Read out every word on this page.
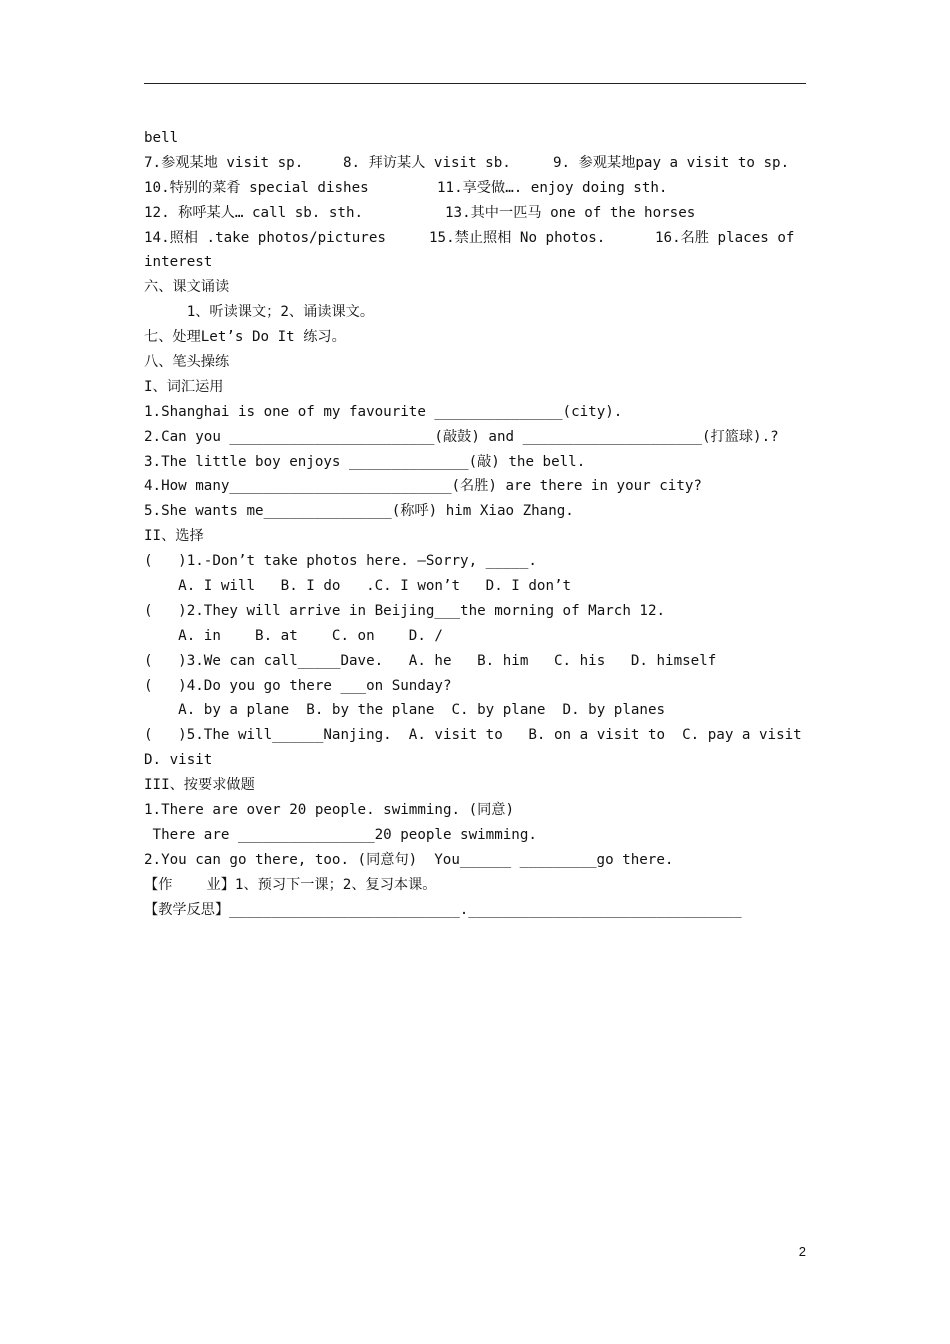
bell
7.参观某地 visit sp.	8. 拜访某人 visit sb.	9. 参观某地pay a visit to sp.
10.特别的菜肴 special dishes	11.享受做…. enjoy doing sth.
12. 称呼某人… call sb. sth.	13.其中一匹马 one of the horses
14.照相 .take photos/pictures	15.禁止照相 No photos.	16.名胜 places of
interest
六、课文诵读
1、听读课文；2、诵读课文。
七、处理Let’s Do It 练习。
八、笔头操练
I、词汇运用
1.Shanghai is one of my favourite _______________(city).
2.Can you ________________________(敲鼓) and _____________________(打篮球).?
3.The little boy enjoys ______________(敲) the bell.
4.How many__________________________(名胜) are there in your city?
5.She wants me_______________(称呼) him Xiao Zhang.
II、选择
(   )1.-Don’t take photos here. –Sorry, _____.
A. I will   B. I do   .C. I won’t   D. I don’t
(   )2.They will arrive in Beijing___the morning of March 12.
A. in    B. at    C. on    D. /
(   )3.We can call_____Dave.   A. he   B. him   C. his   D. himself
(   )4.Do you go there ___on Sunday?
A. by a plane  B. by the plane  C. by plane  D. by planes
(   )5.The will______Nanjing.  A. visit to   B. on a visit to  C. pay a visit
D. visit
III、按要求做题
1.There are over 20 people. swimming. (同意)
There are ________________20 people swimming.
2.You can go there, too. (同意句)  You______ _________go there.
【作    业】1、预习下一课；2、复习本课。
【教学反思】___________________________.________________________________
2
